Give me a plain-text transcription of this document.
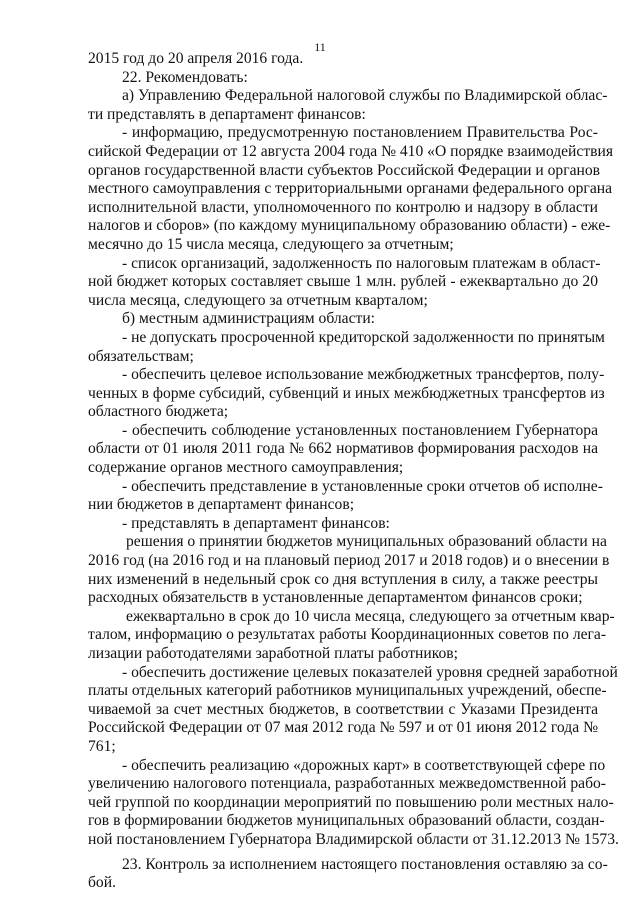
11
2015 год до 20 апреля 2016 года.
22. Рекомендовать:
а) Управлению Федеральной налоговой службы по Владимирской облас-
ти представлять в департамент финансов:
- информацию, предусмотренную постановлением Правительства Рос-
сийской Федерации от 12 августа 2004 года № 410 «О порядке взаимодействия
органов государственной власти субъектов Российской Федерации и органов
местного самоуправления с территориальными органами федерального органа
исполнительной власти, уполномоченного по контролю и надзору в области
налогов и сборов» (по каждому муниципальному образованию области) - еже-
месячно до 15 числа месяца, следующего за отчетным;
- список организаций, задолженность по налоговым платежам в област-
ной бюджет которых составляет свыше 1 млн. рублей - ежеквартально до 20
числа месяца, следующего за отчетным кварталом;
б) местным администрациям области:
- не допускать просроченной кредиторской задолженности по принятым
обязательствам;
- обеспечить целевое использование межбюджетных трансфертов, полу-
ченных в форме субсидий, субвенций и иных межбюджетных трансфертов из
областного бюджета;
- обеспечить соблюдение установленных постановлением Губернатора
области от 01 июля 2011 года № 662 нормативов формирования расходов на
содержание органов местного самоуправления;
- обеспечить представление в установленные сроки отчетов об исполне-
нии бюджетов в департамент финансов;
- представлять в департамент финансов:
решения о принятии бюджетов муниципальных образований области на
2016 год (на 2016 год и на плановый период 2017 и 2018 годов) и о внесении в
них изменений в недельный срок со дня вступления в силу, а также реестры
расходных обязательств в установленные департаментом финансов сроки;
ежеквартально в срок до 10 числа месяца, следующего за отчетным квар-
талом, информацию о результатах работы Координационных советов по лега-
лизации работодателями заработной платы работников;
- обеспечить достижение целевых показателей уровня средней заработной
платы отдельных категорий работников муниципальных учреждений, обеспе-
чиваемой за счет местных бюджетов, в соответствии с Указами Президента
Российской Федерации от 07 мая 2012 года № 597 и от 01 июня 2012 года №
761;
- обеспечить реализацию «дорожных карт» в соответствующей сфере по
увеличению налогового потенциала, разработанных межведомственной рабо-
чей группой по координации мероприятий по повышению роли местных нало-
гов в формировании бюджетов муниципальных образований области, создан-
ной постановлением Губернатора Владимирской области от 31.12.2013 № 1573.
23. Контроль за исполнением настоящего постановления оставляю за со-
бой.
